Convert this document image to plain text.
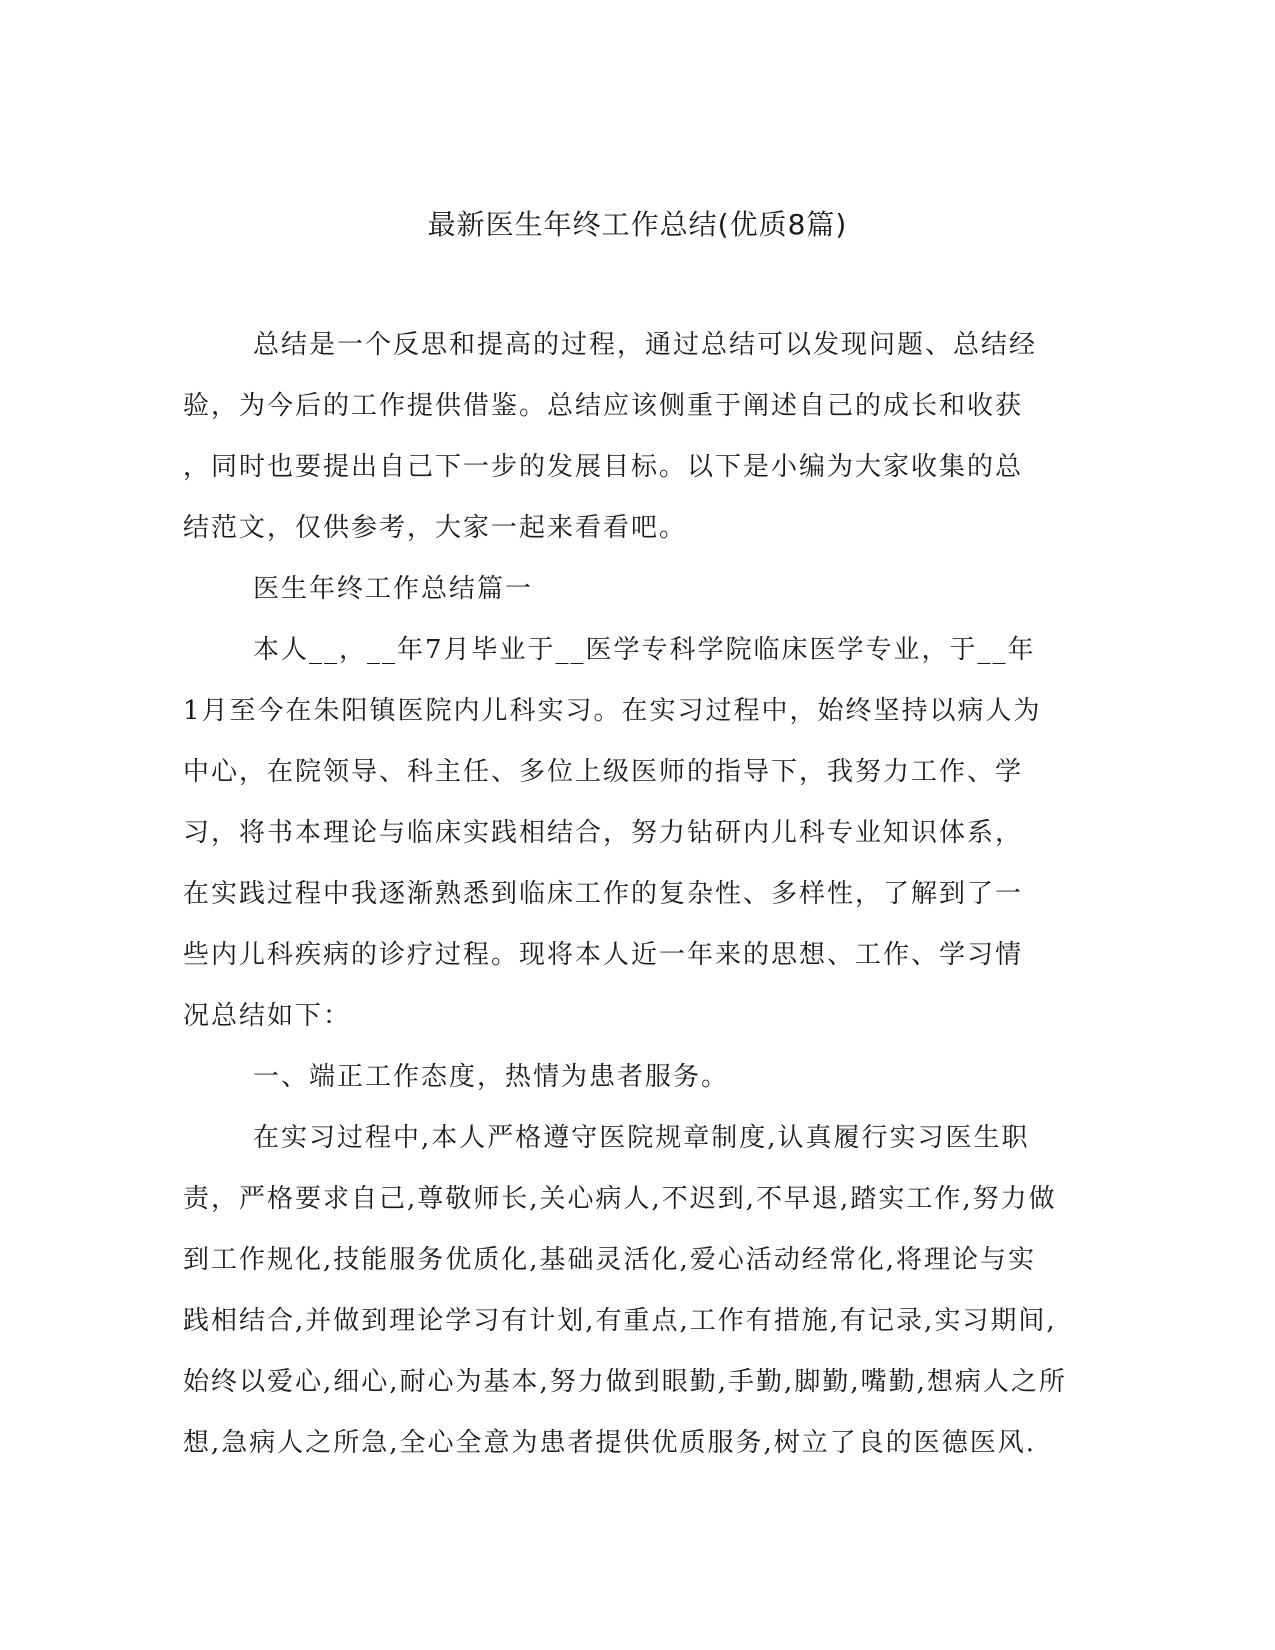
最新医生年终工作总结(优质8篇)
总结是一个反思和提高的过程，通过总结可以发现问题、总结经
验，为今后的工作提供借鉴。总结应该侧重于阐述自己的成长和收获
，同时也要提出自己下一步的发展目标。以下是小编为大家收集的总
结范文，仅供参考，大家一起来看看吧。
医生年终工作总结篇一
本人__，__年7月毕业于__医学专科学院临床医学专业，于__年
1月至今在朱阳镇医院内儿科实习。在实习过程中，始终坚持以病人为
中心，在院领导、科主任、多位上级医师的指导下，我努力工作、学
习，将书本理论与临床实践相结合，努力钻研内儿科专业知识体系，
在实践过程中我逐渐熟悉到临床工作的复杂性、多样性，了解到了一
些内儿科疾病的诊疗过程。现将本人近一年来的思想、工作、学习情
况总结如下：
一、端正工作态度，热情为患者服务。
在实习过程中,本人严格遵守医院规章制度,认真履行实习医生职
责，严格要求自己,尊敬师长,关心病人,不迟到,不早退,踏实工作,努力做
到工作规化,技能服务优质化,基础灵活化,爱心活动经常化,将理论与实
践相结合,并做到理论学习有计划,有重点,工作有措施,有记录,实习期间,
始终以爱心,细心,耐心为基本,努力做到眼勤,手勤,脚勤,嘴勤,想病人之所
想,急病人之所急,全心全意为患者提供优质服务,树立了良的医德医风.
